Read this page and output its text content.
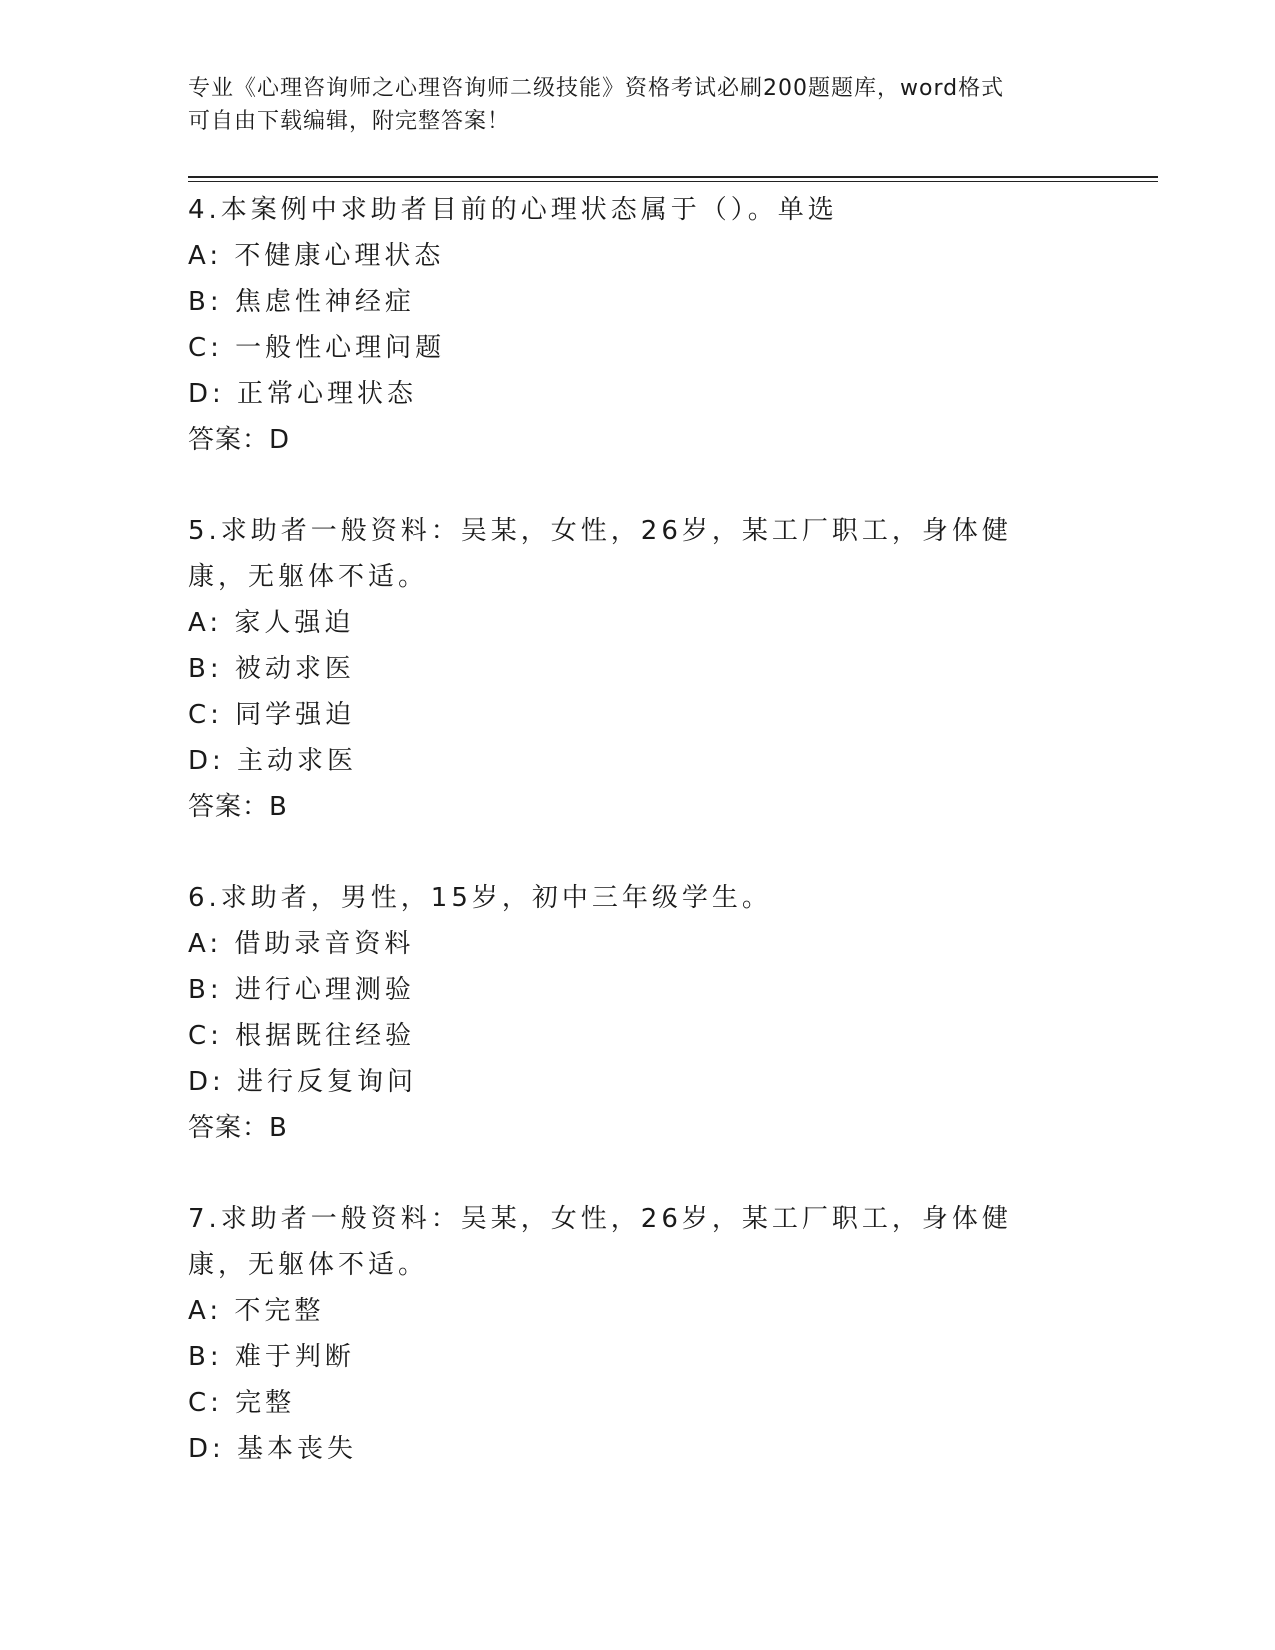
专业《心理咨询师之心理咨询师二级技能》资格考试必刷200题题库，word格式
可自由下载编辑，附完整答案！
4.本案例中求助者目前的心理状态属于（）。单选
A: 不健康心理状态
B: 焦虑性神经症
C: 一般性心理问题
D: 正常心理状态
答案：D
5.求助者一般资料：吴某，女性，26岁，某工厂职工，身体健康，无躯体不适。
A: 家人强迫
B: 被动求医
C: 同学强迫
D: 主动求医
答案：B
6.求助者，男性，15岁，初中三年级学生。
A: 借助录音资料
B: 进行心理测验
C: 根据既往经验
D: 进行反复询问
答案：B
7.求助者一般资料：吴某，女性，26岁，某工厂职工，身体健康，无躯体不适。
A: 不完整
B: 难于判断
C: 完整
D: 基本丧失
